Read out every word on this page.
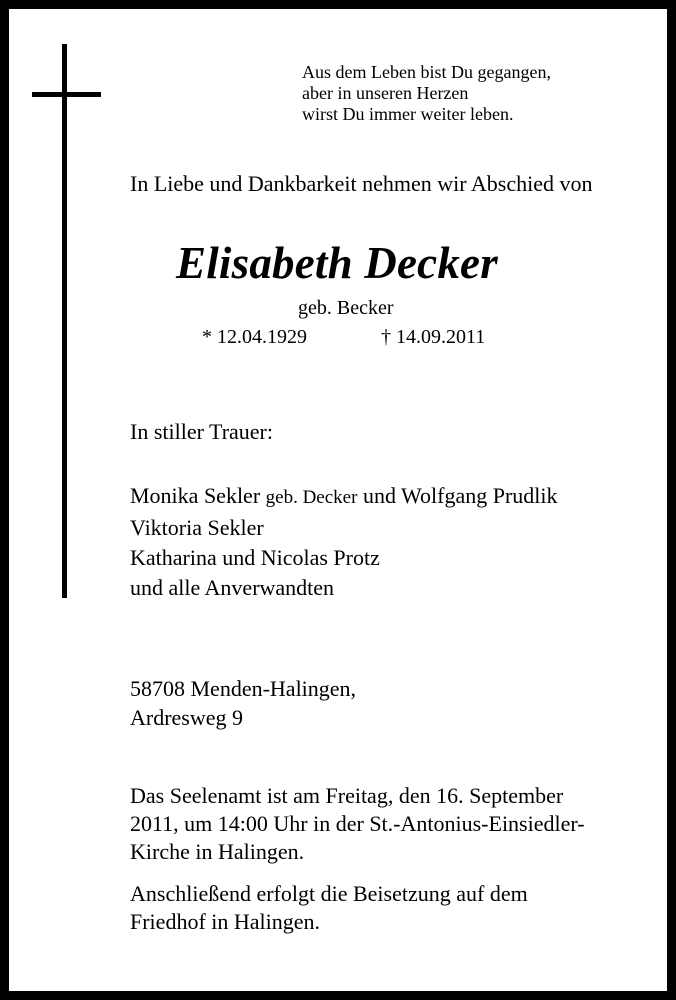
Aus dem Leben bist Du gegangen,
aber in unseren Herzen
wirst Du immer weiter leben.
In Liebe und Dankbarkeit nehmen wir Abschied von
Elisabeth Decker
geb. Becker
* 12.04.1929	† 14.09.2011
In stiller Trauer:
Monika Sekler geb. Decker und Wolfgang Prudlik
Viktoria Sekler
Katharina und Nicolas Protz
und alle Anverwandten
58708 Menden-Halingen,
Ardresweg 9
Das Seelenamt ist am Freitag, den 16. September
2011, um 14:00 Uhr in der St.-Antonius-Einsiedler-
Kirche in Halingen.
Anschließend erfolgt die Beisetzung auf dem
Friedhof in Halingen.
